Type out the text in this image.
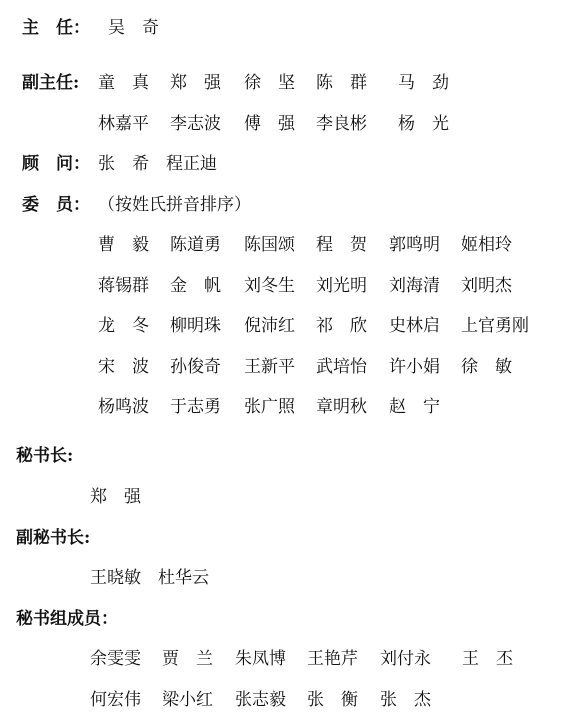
主　任： 吴　奇
副主任: 童　真 郑　强 徐　坚 陈　群 马　劲
林嘉平 李志波 傅　强 李良彬 杨　光
顾　问： 张　希　程正迪
委　员： （按姓氏拼音排序）
曹　毅 陈道勇 陈国颂 程　贺 郭鸣明 姬相玲
蒋锡群 金　帆 刘冬生 刘光明 刘海清 刘明杰
龙　冬 柳明珠 倪沛红 祁　欣 史林启 上官勇刚
宋　波 孙俊奇 王新平 武培怡 许小娟 徐　敏
杨鸣波 于志勇 张广照 章明秋 赵　宁
秘书长:
郑　强
副秘书长:
王晓敏　杜华云
秘书组成员：
余雯雯 贾　兰 朱凤博 王艳芹 刘付永 王　丕
何宏伟 梁小红 张志毅 张　衡 张　杰
